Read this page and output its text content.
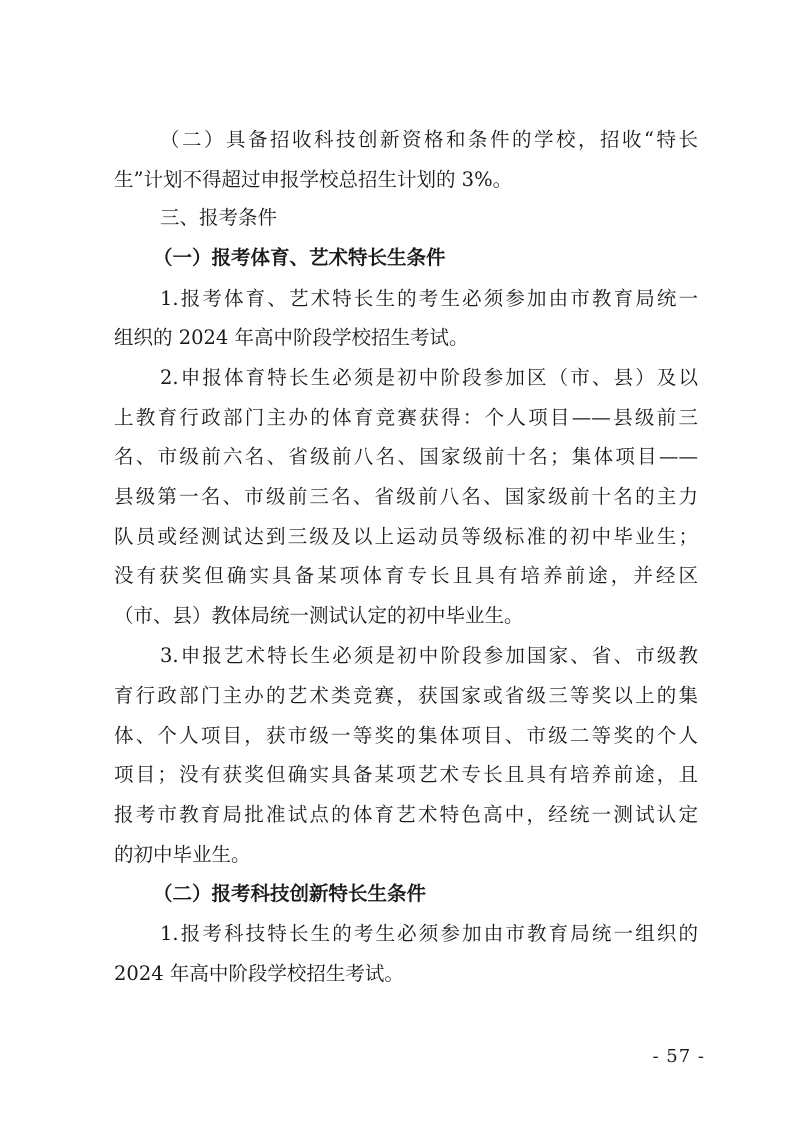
（二）具备招收科技创新资格和条件的学校，招收“特长
生”计划不得超过申报学校总招生计划的 3%。
三、报考条件
（一）报考体育、艺术特长生条件
1.报考体育、艺术特长生的考生必须参加由市教育局统一
组织的 2024 年高中阶段学校招生考试。
2.申报体育特长生必须是初中阶段参加区（市、县）及以
上教育行政部门主办的体育竞赛获得：个人项目——县级前三
名、市级前六名、省级前八名、国家级前十名；集体项目——
县级第一名、市级前三名、省级前八名、国家级前十名的主力
队员或经测试达到三级及以上运动员等级标准的初中毕业生；
没有获奖但确实具备某项体育专长且具有培养前途，并经区
（市、县）教体局统一测试认定的初中毕业生。
3.申报艺术特长生必须是初中阶段参加国家、省、市级教
育行政部门主办的艺术类竞赛，获国家或省级三等奖以上的集
体、个人项目，获市级一等奖的集体项目、市级二等奖的个人
项目；没有获奖但确实具备某项艺术专长且具有培养前途，且
报考市教育局批准试点的体育艺术特色高中，经统一测试认定
的初中毕业生。
（二）报考科技创新特长生条件
1.报考科技特长生的考生必须参加由市教育局统一组织的
2024 年高中阶段学校招生考试。
- 57 -
